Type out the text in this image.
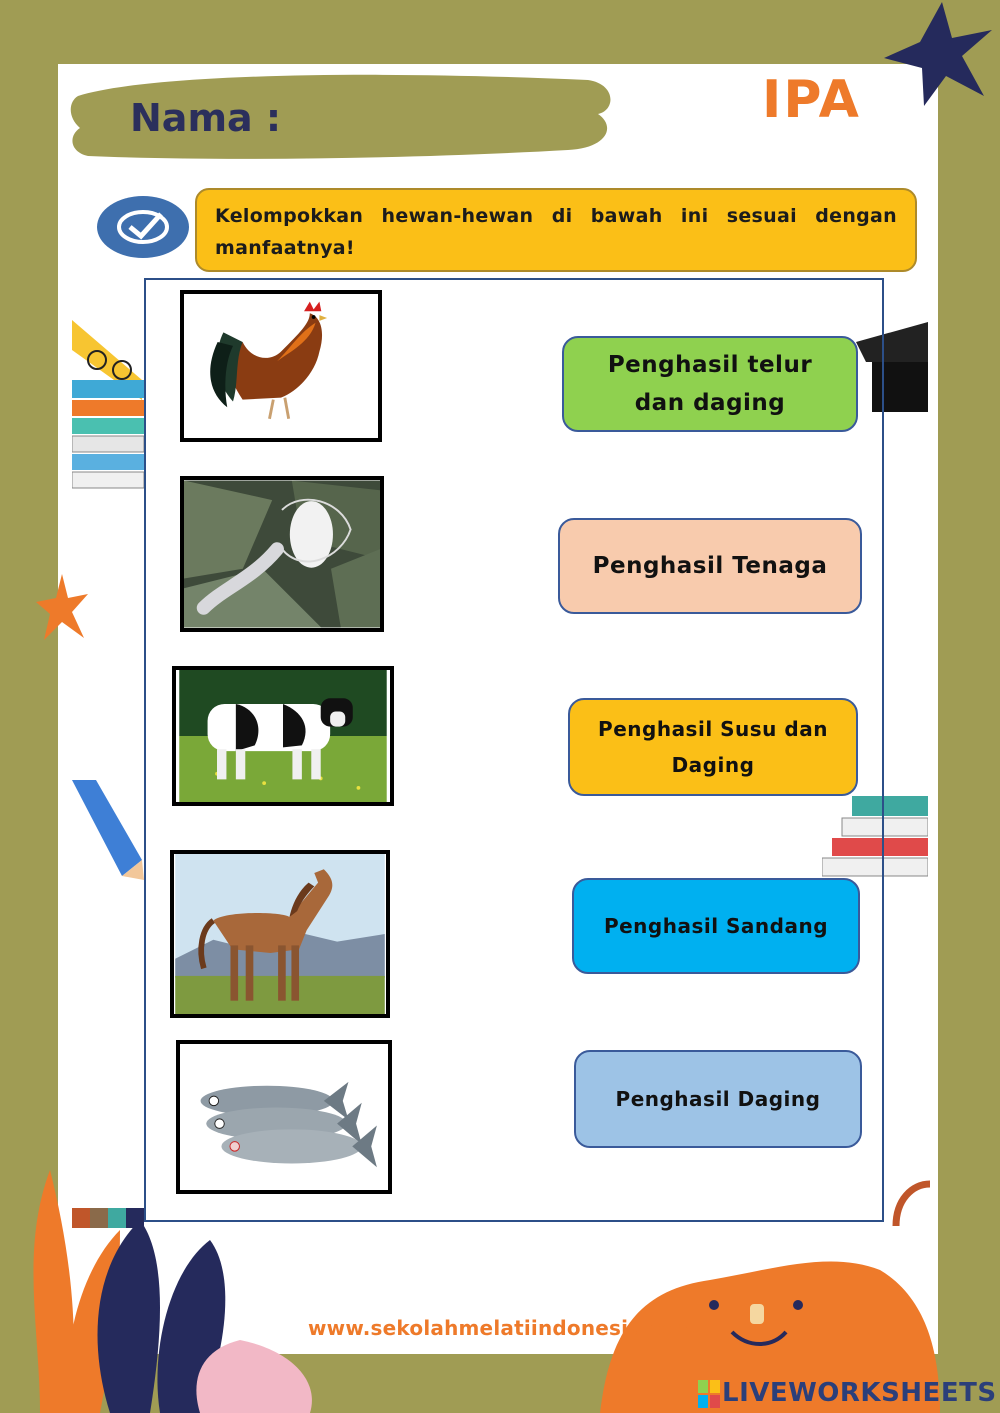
Nama :	IPA
Kelompokkan hewan-hewan di bawah ini sesuai dengan manfaatnya!
Penghasil telur
dan daging
Penghasil Tenaga
Penghasil Susu dan
Daging
Penghasil Sandang
Penghasil Daging
www.sekolahmelatiindonesia.sch.id
LIVEWORKSHEETS
